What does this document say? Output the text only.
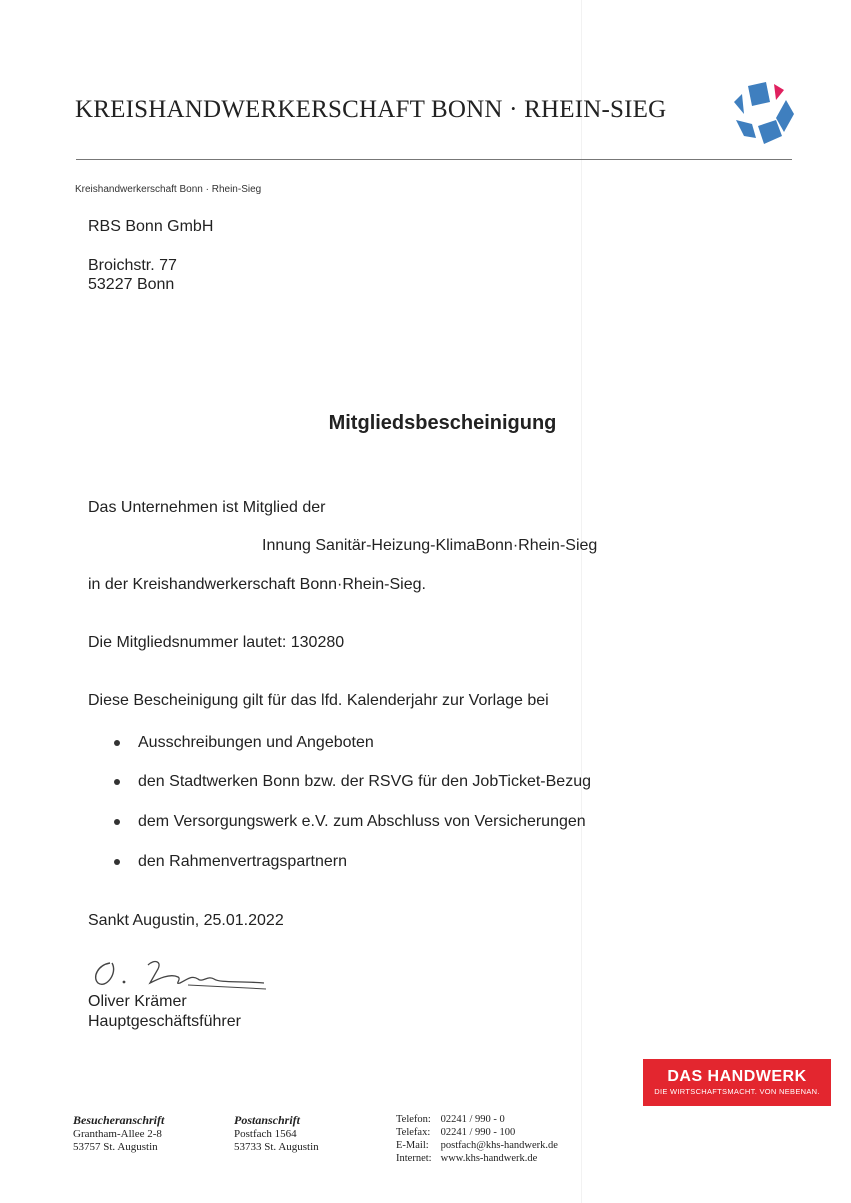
KREISHANDWERKERSCHAFT BONN · RHEIN-SIEG
Kreishandwerkerschaft Bonn · Rhein-Sieg
RBS Bonn GmbH
Broichstr. 77
53227 Bonn
Mitgliedsbescheinigung
Das Unternehmen ist Mitglied der
Innung Sanitär-Heizung-KlimaBonn·Rhein-Sieg
in der Kreishandwerkerschaft Bonn·Rhein-Sieg.
Die Mitgliedsnummer lautet: 130280
Diese Bescheinigung gilt für das lfd. Kalenderjahr zur Vorlage bei
Ausschreibungen und Angeboten
den Stadtwerken Bonn bzw. der RSVG für den JobTicket-Bezug
dem Versorgungswerk e.V. zum Abschluss von Versicherungen
den Rahmenvertragspartnern
Sankt Augustin, 25.01.2022
Oliver Krämer
Hauptgeschäftsführer
DAS HANDWERK
DIE WIRTSCHAFTSMACHT. VON NEBENAN.
Besucheranschrift
Grantham-Allee 2-8
53757 St. Augustin
Postanschrift
Postfach 1564
53733 St. Augustin
Telefon: 02241 / 990 - 0
Telefax: 02241 / 990 - 100
E-Mail: postfach@khs-handwerk.de
Internet: www.khs-handwerk.de
